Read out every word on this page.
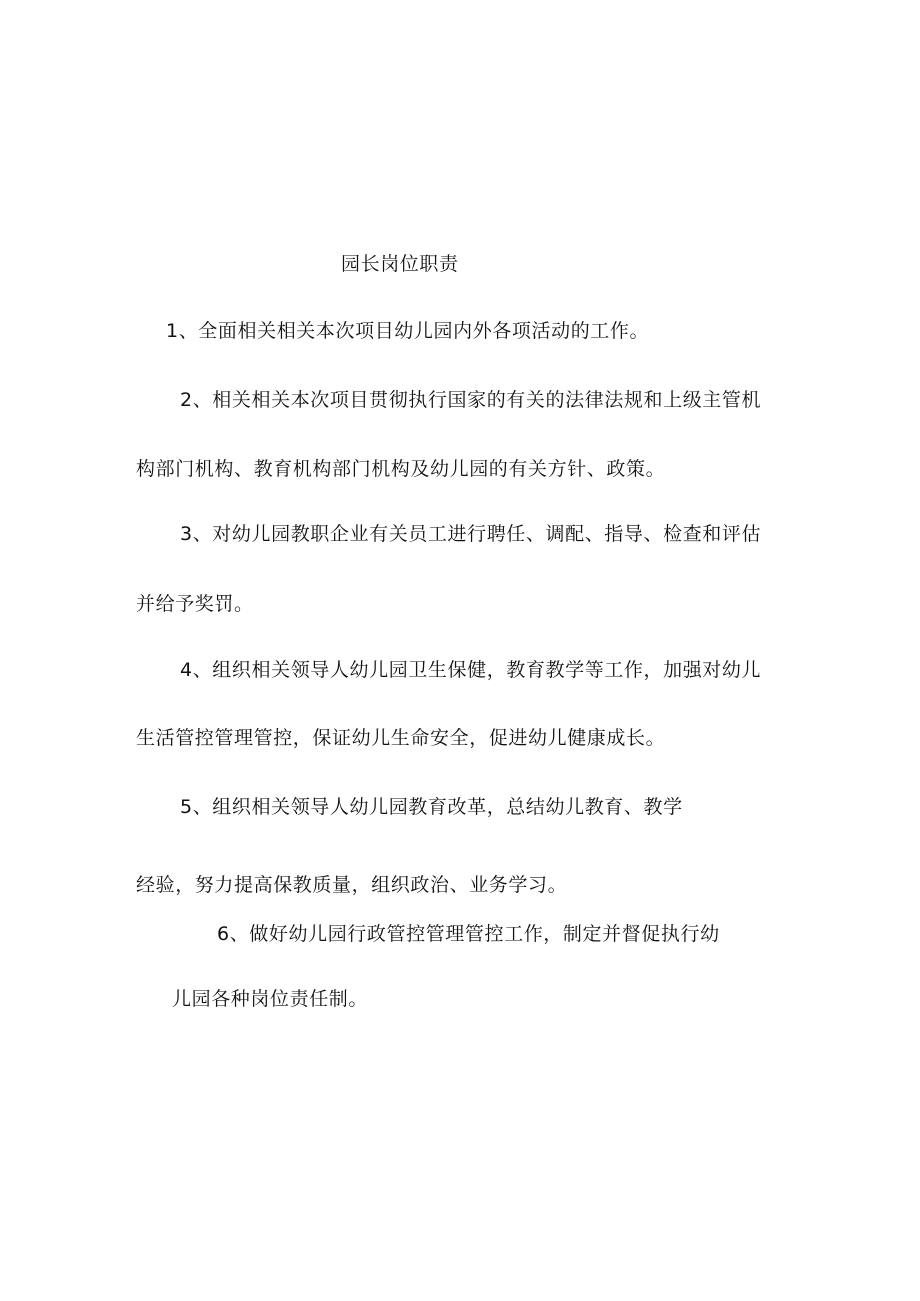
园长岗位职责
1、全面相关相关本次项目幼儿园内外各项活动的工作。
2、相关相关本次项目贯彻执行国家的有关的法律法规和上级主管机
构部门机构、教育机构部门机构及幼儿园的有关方针、政策。
3、对幼儿园教职企业有关员工进行聘任、调配、指导、检查和评估
并给予奖罚。
4、组织相关领导人幼儿园卫生保健，教育教学等工作，加强对幼儿
生活管控管理管控，保证幼儿生命安全，促进幼儿健康成长。
5、组织相关领导人幼儿园教育改革，总结幼儿教育、教学
经验，努力提高保教质量，组织政治、业务学习。
6、做好幼儿园行政管控管理管控工作，制定并督促执行幼
儿园各种岗位责任制。
